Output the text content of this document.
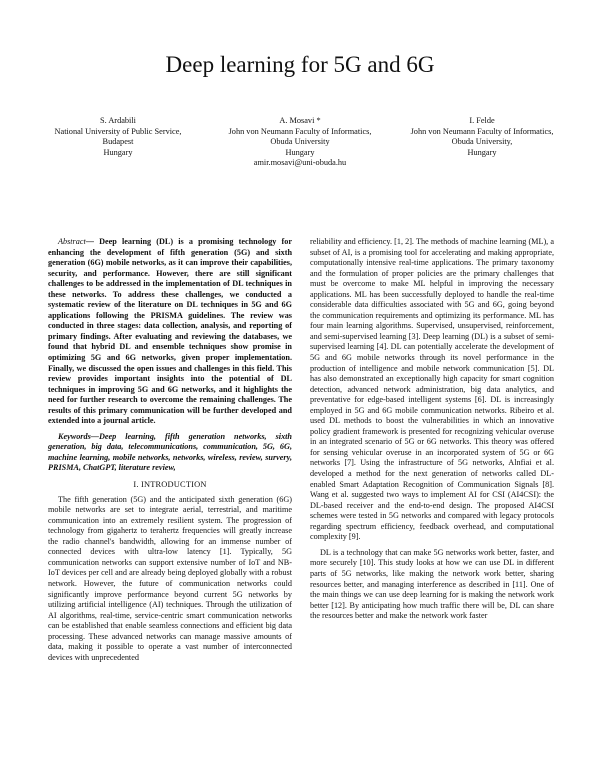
Deep learning for 5G and 6G
S. Ardabili
National University of Public Service,
Budapest
Hungary
A. Mosavi *
John von Neumann Faculty of Informatics,
Obuda University
Hungary
amir.mosavi@uni-obuda.hu
I. Felde
John von Neumann Faculty of Informatics,
Obuda University,
Hungary

Abstract— Deep learning (DL) is a promising technology for enhancing the development of fifth generation (5G) and sixth generation (6G) mobile networks, as it can improve their capabilities, security, and performance. However, there are still significant challenges to be addressed in the implementation of DL techniques in these networks. To address these challenges, we conducted a systematic review of the literature on DL techniques in 5G and 6G applications following the PRISMA guidelines. The review was conducted in three stages: data collection, analysis, and reporting of primary findings. After evaluating and reviewing the databases, we found that hybrid DL and ensemble techniques show promise in optimizing 5G and 6G networks, given proper implementation. Finally, we discussed the open issues and challenges in this field. This review provides important insights into the potential of DL techniques in improving 5G and 6G networks, and it highlights the need for further research to overcome the remaining challenges. The results of this primary communication will be further developed and extended into a journal article.

Keywords—Deep learning, fifth generation networks, sixth generation, big data, telecommunications, communication, 5G, 6G, machine learning, mobile networks, networks, wireless, review, survery, PRISMA, ChatGPT, literature review,

I. INTRODUCTION

The fifth generation (5G) and the anticipated sixth generation (6G) mobile networks are set to integrate aerial, terrestrial, and maritime communication into an extremely resilient system. The progression of technology from gigahertz to terahertz frequencies will greatly increase the radio channel's bandwidth, allowing for an immense number of connected devices with ultra-low latency [1]. Typically, 5G communication networks can support extensive number of IoT and NB-IoT devices per cell and are already being deployed globally with a robust network. However, the future of communication networks could significantly improve performance beyond current 5G networks by utilizing artificial intelligence (AI) techniques. Through the utilization of AI algorithms, real-time, service-centric smart communication networks can be established that enable seamless connections and efficient big data processing. These advanced networks can manage massive amounts of data, making it possible to operate a vast number of interconnected devices with unprecedented

reliability and efficiency. [1, 2]. The methods of machine learning (ML), a subset of AI, is a promising tool for accelerating and making appropriate, computationally intensive real-time applications. The primary taxonomy and the formulation of proper policies are the primary challenges that must be overcome to make ML helpful in improving the necessary applications. ML has been successfully deployed to handle the real-time considerable data difficulties associated with 5G and 6G, going beyond the communication requirements and optimizing its performance. ML has four main learning algorithms. Supervised, unsupervised, reinforcement, and semi-supervised learning [3]. Deep learning (DL) is a subset of semi-supervised learning [4]. DL can potentially accelerate the development of 5G and 6G mobile networks through its novel performance in the production of intelligence and mobile network communication [5]. DL has also demonstrated an exceptionally high capacity for smart cognition detection, advanced network administration, big data analytics, and preventative for edge-based intelligent systems [6]. DL is increasingly employed in 5G and 6G mobile communication networks. Ribeiro et al. used DL methods to boost the vulnerabilities in which an innovative policy gradient framework is presented for recognizing vehicular overuse in an integrated scenario of 5G or 6G networks. This theory was offered for sensing vehicular overuse in an incorporated system of 5G or 6G networks [7]. Using the infrastructure of 5G networks, Alnfiai et al. developed a method for the next generation of networks called DL-enabled Smart Adaptation Recognition of Communication Signals [8]. Wang et al. suggested two ways to implement AI for CSI (AI4CSI): the DL-based receiver and the end-to-end design. The proposed AI4CSI schemes were tested in 5G networks and compared with legacy protocols regarding spectrum efficiency, feedback overhead, and computational complexity [9].

DL is a technology that can make 5G networks work better, faster, and more securely [10]. This study looks at how we can use DL in different parts of 5G networks, like making the network work better, sharing resources better, and managing interference as described in [11]. One of the main things we can use deep learning for is making the network work better [12]. By anticipating how much traffic there will be, DL can share the resources better and make the network work faster
